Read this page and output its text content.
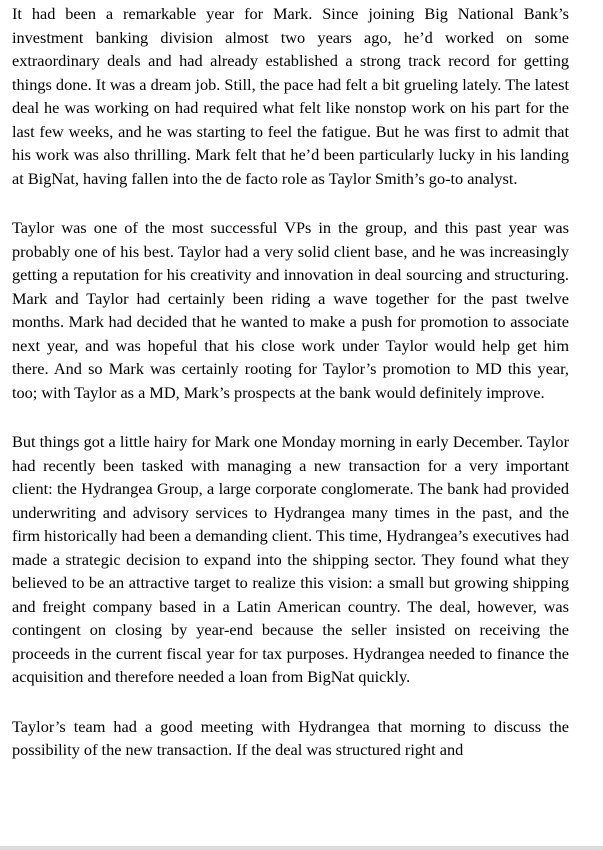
It had been a remarkable year for Mark. Since joining Big National Bank’s investment banking division almost two years ago, he’d worked on some extraordinary deals and had already established a strong track record for getting things done. It was a dream job. Still, the pace had felt a bit grueling lately. The latest deal he was working on had required what felt like nonstop work on his part for the last few weeks, and he was starting to feel the fatigue. But he was first to admit that his work was also thrilling. Mark felt that he’d been particularly lucky in his landing at BigNat, having fallen into the de facto role as Taylor Smith’s go-to analyst.

Taylor was one of the most successful VPs in the group, and this past year was probably one of his best. Taylor had a very solid client base, and he was increasingly getting a reputation for his creativity and innovation in deal sourcing and structuring. Mark and Taylor had certainly been riding a wave together for the past twelve months. Mark had decided that he wanted to make a push for promotion to associate next year, and was hopeful that his close work under Taylor would help get him there. And so Mark was certainly rooting for Taylor’s promotion to MD this year, too; with Taylor as a MD, Mark’s prospects at the bank would definitely improve.

But things got a little hairy for Mark one Monday morning in early December. Taylor had recently been tasked with managing a new transaction for a very important client: the Hydrangea Group, a large corporate conglomerate. The bank had provided underwriting and advisory services to Hydrangea many times in the past, and the firm historically had been a demanding client. This time, Hydrangea’s executives had made a strategic decision to expand into the shipping sector. They found what they believed to be an attractive target to realize this vision: a small but growing shipping and freight company based in a Latin American country. The deal, however, was contingent on closing by year-end because the seller insisted on receiving the proceeds in the current fiscal year for tax purposes. Hydrangea needed to finance the acquisition and therefore needed a loan from BigNat quickly.

Taylor’s team had a good meeting with Hydrangea that morning to discuss the possibility of the new transaction. If the deal was structured right and
